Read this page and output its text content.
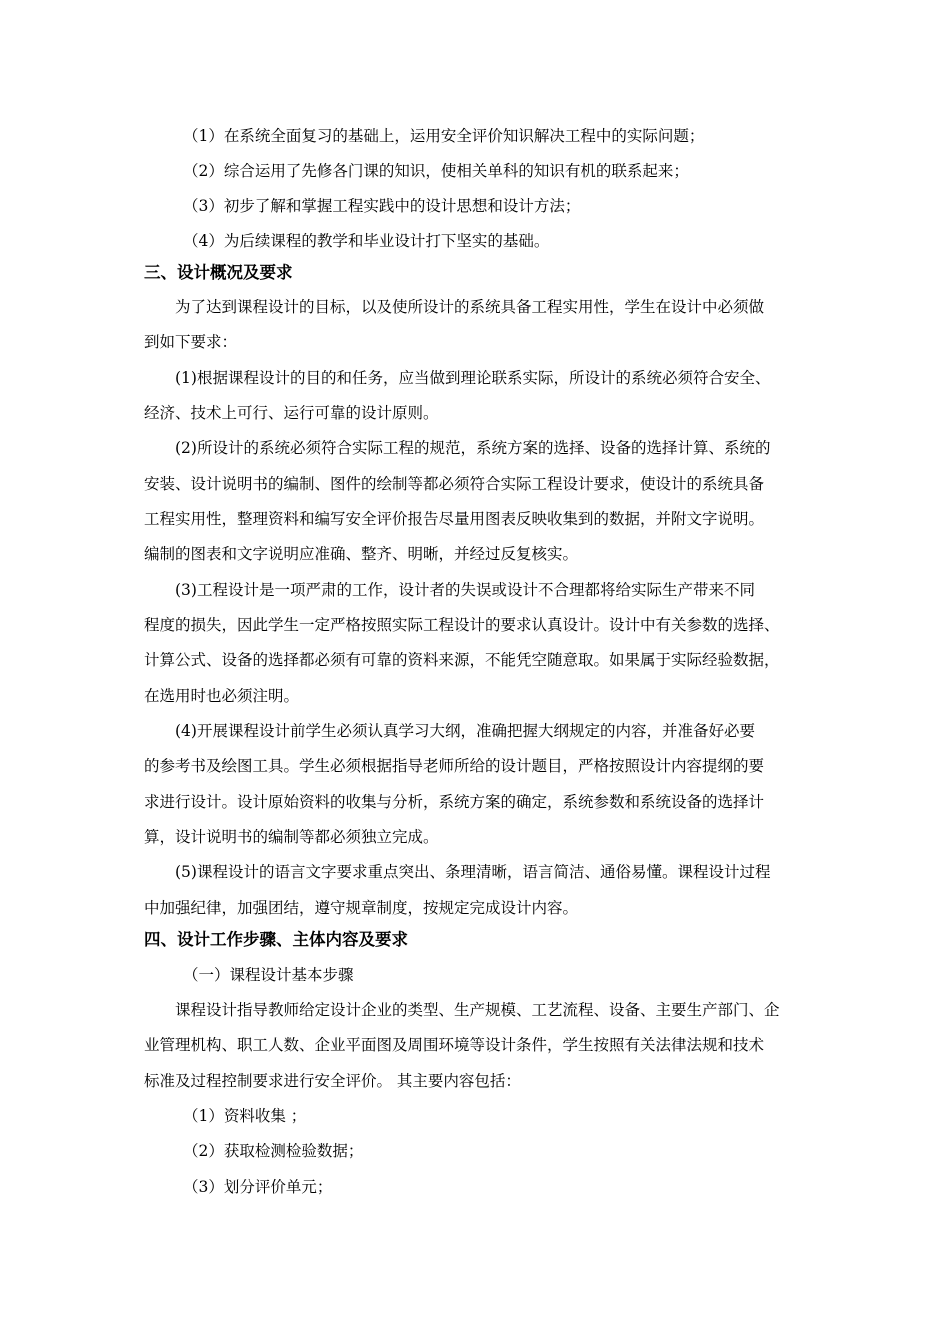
（1）在系统全面复习的基础上，运用安全评价知识解决工程中的实际问题；
（2）综合运用了先修各门课的知识，使相关单科的知识有机的联系起来；
（3）初步了解和掌握工程实践中的设计思想和设计方法；
（4）为后续课程的教学和毕业设计打下坚实的基础。
三、设计概况及要求
为了达到课程设计的目标，以及使所设计的系统具备工程实用性，学生在设计中必须做
到如下要求：
(1)根据课程设计的目的和任务，应当做到理论联系实际，所设计的系统必须符合安全、
经济、技术上可行、运行可靠的设计原则。
(2)所设计的系统必须符合实际工程的规范，系统方案的选择、设备的选择计算、系统的
安装、设计说明书的编制、图件的绘制等都必须符合实际工程设计要求，使设计的系统具备
工程实用性，整理资料和编写安全评价报告尽量用图表反映收集到的数据，并附文字说明。
编制的图表和文字说明应准确、整齐、明晰，并经过反复核实。
(3)工程设计是一项严肃的工作，设计者的失误或设计不合理都将给实际生产带来不同
程度的损失，因此学生一定严格按照实际工程设计的要求认真设计。设计中有关参数的选择、
计算公式、设备的选择都必须有可靠的资料来源，不能凭空随意取。如果属于实际经验数据，
在选用时也必须注明。
(4)开展课程设计前学生必须认真学习大纲，准确把握大纲规定的内容，并准备好必要
的参考书及绘图工具。学生必须根据指导老师所给的设计题目，严格按照设计内容提纲的要
求进行设计。设计原始资料的收集与分析，系统方案的确定，系统参数和系统设备的选择计
算，设计说明书的编制等都必须独立完成。
(5)课程设计的语言文字要求重点突出、条理清晰，语言简洁、通俗易懂。课程设计过程
中加强纪律，加强团结，遵守规章制度，按规定完成设计内容。
四、设计工作步骤、主体内容及要求
（一）课程设计基本步骤
课程设计指导教师给定设计企业的类型、生产规模、工艺流程、设备、主要生产部门、企
业管理机构、职工人数、企业平面图及周围环境等设计条件，学生按照有关法律法规和技术
标准及过程控制要求进行安全评价。 其主要内容包括：
（1）资料收集 ；
（2）获取检测检验数据；
（3）划分评价单元；
